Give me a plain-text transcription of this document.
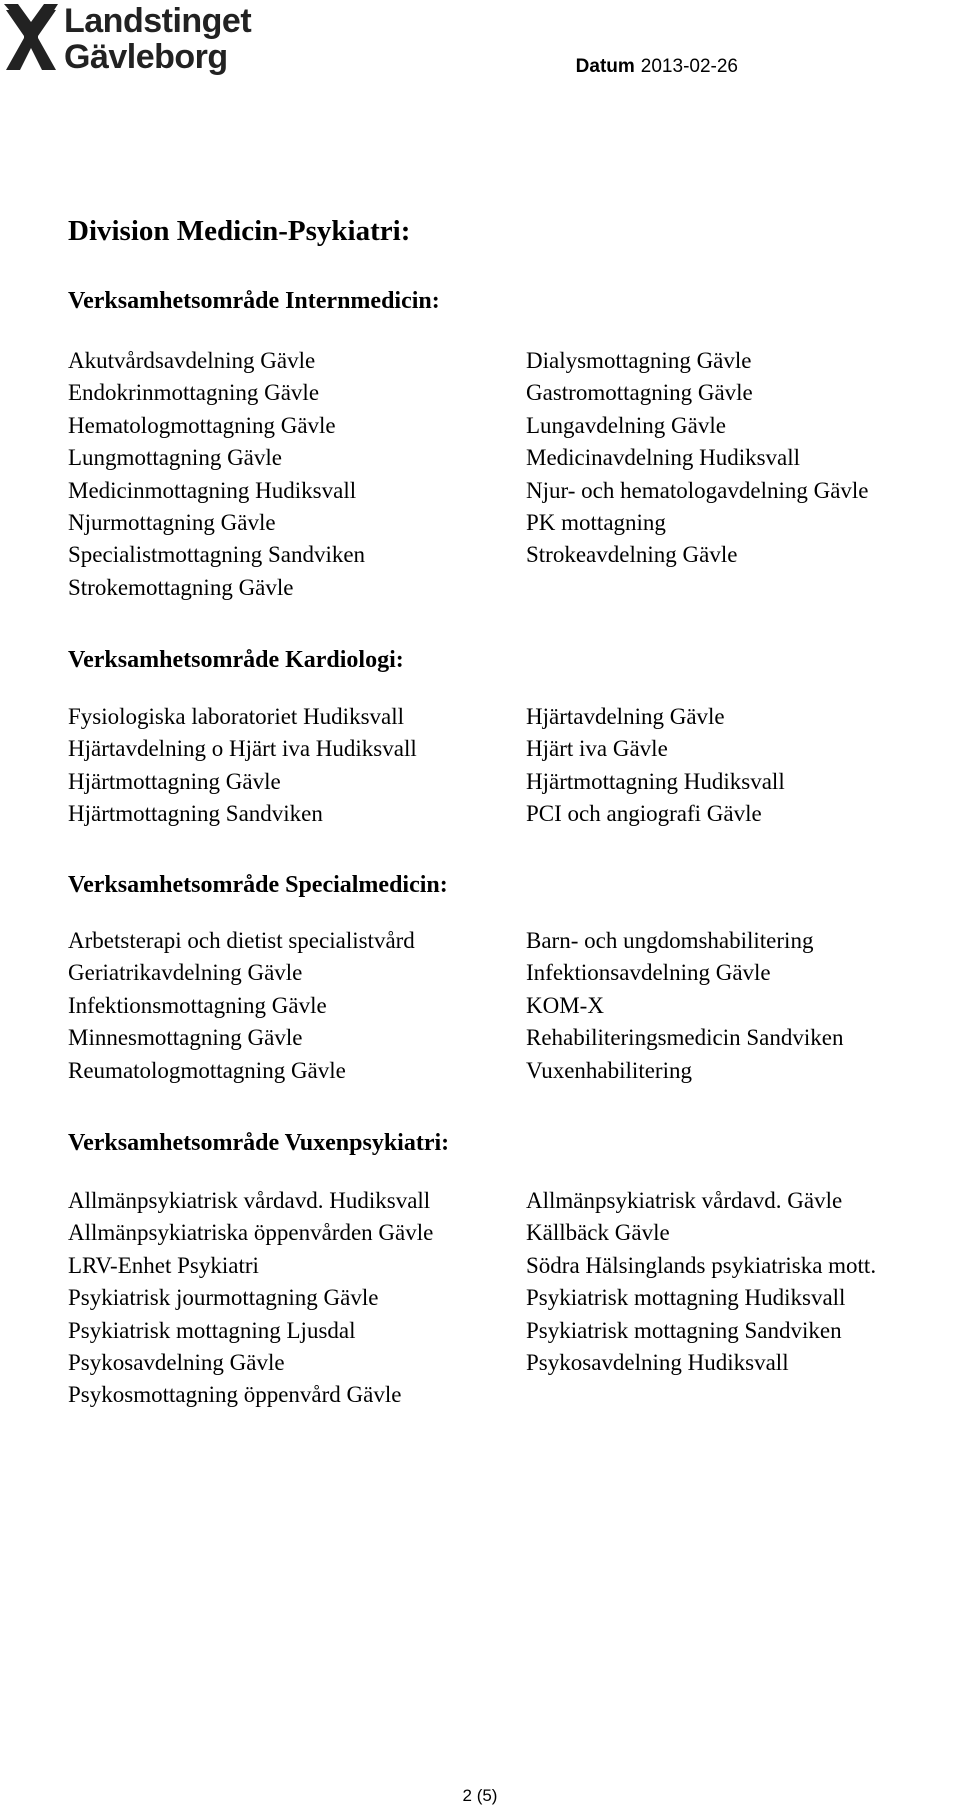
Landstinget
Gävleborg	Datum 2013-02-26
Division Medicin-Psykiatri:
Verksamhetsområde Internmedicin:
Akutvårdsavdelning Gävle
Endokrinmottagning Gävle
Hematologmottagning Gävle
Lungmottagning Gävle
Medicinmottagning Hudiksvall
Njurmottagning Gävle
Specialistmottagning Sandviken
Strokemottagning Gävle
Dialysmottagning Gävle
Gastromottagning Gävle
Lungavdelning Gävle
Medicinavdelning Hudiksvall
Njur- och hematologavdelning Gävle
PK mottagning
Strokeavdelning Gävle
Verksamhetsområde Kardiologi:
Fysiologiska laboratoriet Hudiksvall
Hjärtavdelning o Hjärt iva Hudiksvall
Hjärtmottagning Gävle
Hjärtmottagning Sandviken
Hjärtavdelning Gävle
Hjärt iva Gävle
Hjärtmottagning Hudiksvall
PCI och angiografi Gävle
Verksamhetsområde Specialmedicin:
Arbetsterapi och dietist specialistvård
Geriatrikavdelning Gävle
Infektionsmottagning Gävle
Minnesmottagning Gävle
Reumatologmottagning Gävle
Barn- och ungdomshabilitering
Infektionsavdelning Gävle
KOM-X
Rehabiliteringsmedicin Sandviken
Vuxenhabilitering
Verksamhetsområde Vuxenpsykiatri:
Allmänpsykiatrisk vårdavd. Hudiksvall
Allmänpsykiatriska öppenvården Gävle
LRV-Enhet Psykiatri
Psykiatrisk jourmottagning Gävle
Psykiatrisk mottagning Ljusdal
Psykosavdelning Gävle
Psykosmottagning öppenvård Gävle
Allmänpsykiatrisk vårdavd. Gävle
Källbäck Gävle
Södra Hälsinglands psykiatriska mott.
Psykiatrisk mottagning Hudiksvall
Psykiatrisk mottagning Sandviken
Psykosavdelning Hudiksvall
2 (5)
